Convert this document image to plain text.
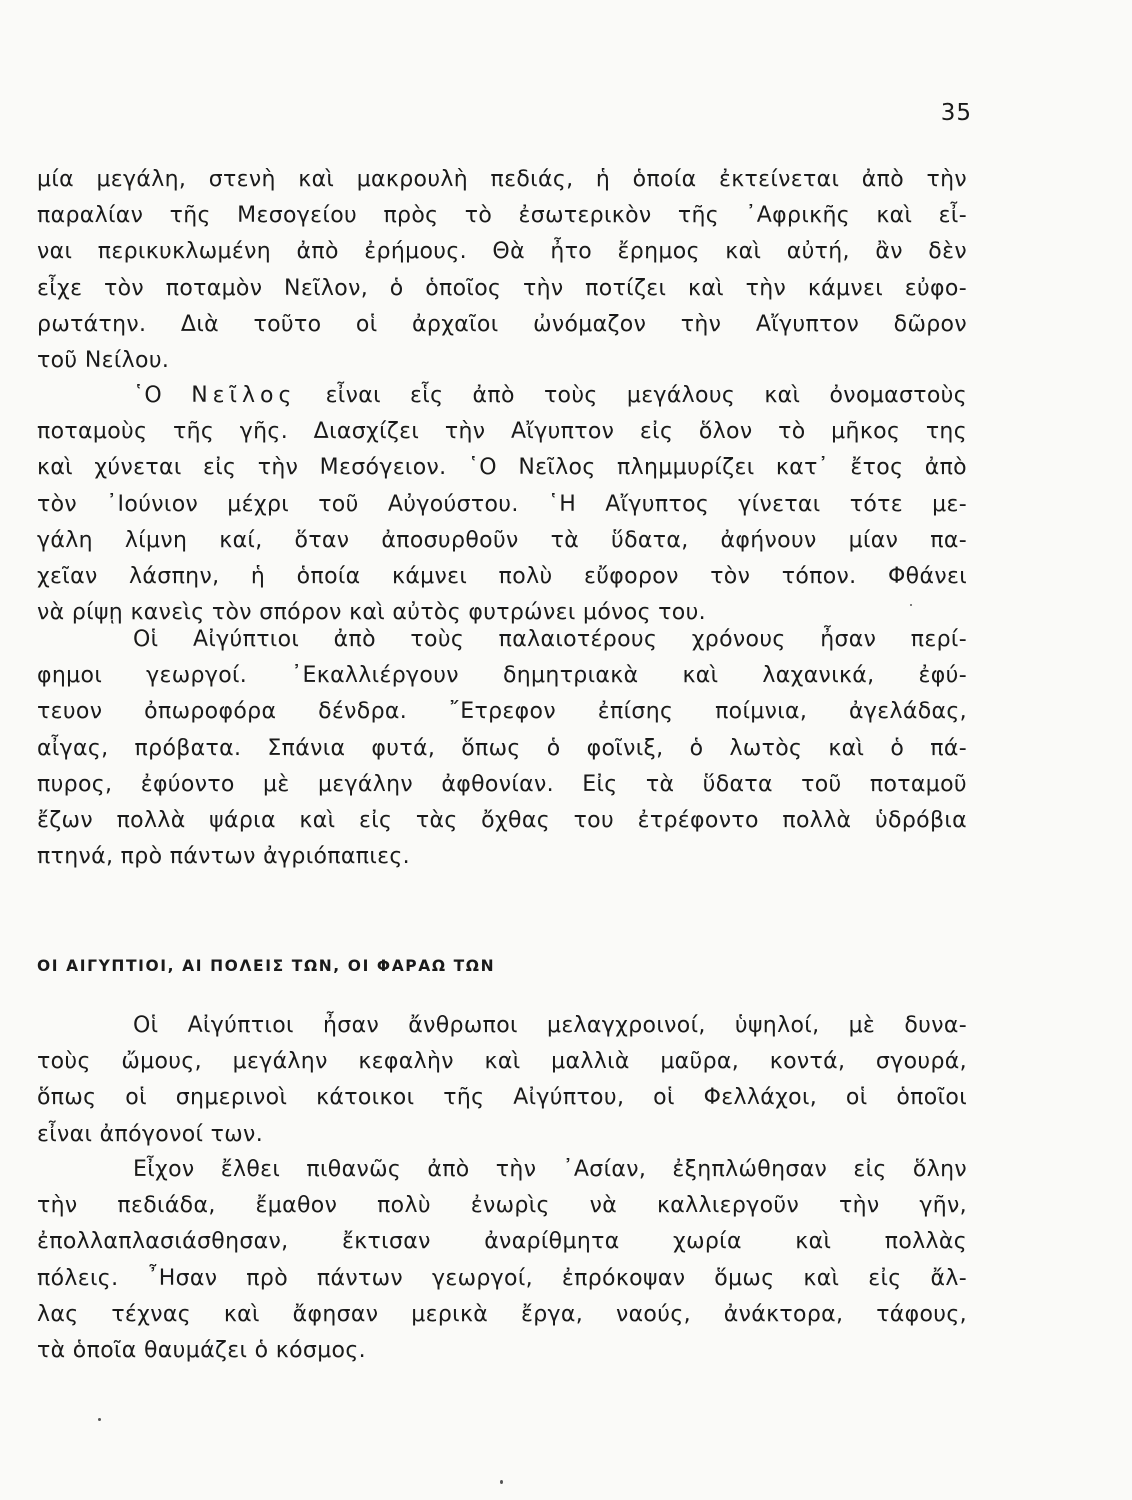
35
μία μεγάλη, στενὴ καὶ μακρουλὴ πεδιάς, ἡ ὁποία ἐκτείνεται ἀπὸ τὴν
παραλίαν τῆς Μεσογείου πρὸς τὸ ἐσωτερικὸν τῆς ᾿Αφρικῆς καὶ εἶ-
ναι περικυκλωμένη ἀπὸ ἐρήμους. Θὰ ἦτο ἔρημος καὶ αὐτή, ἂν δὲν
εἶχε τὸν ποταμὸν Νεῖλον, ὁ ὁποῖος τὴν ποτίζει καὶ τὴν κάμνει εὐφο-
ρωτάτην. Διὰ τοῦτο οἱ ἀρχαῖοι ὠνόμαζον τὴν Αἴγυπτον δῶρον
τοῦ Νείλου.
῾Ο Νεῖλος εἶναι εἷς ἀπὸ τοὺς μεγάλους καὶ ὀνομαστοὺς
ποταμοὺς τῆς γῆς. Διασχίζει τὴν Αἴγυπτον εἰς ὅλον τὸ μῆκος της
καὶ χύνεται εἰς τὴν Μεσόγειον. ῾Ο Νεῖλος πλημμυρίζει κατ᾿ ἔτος ἀπὸ
τὸν ᾿Ιούνιον μέχρι τοῦ Αὐγούστου. ῾Η Αἴγυπτος γίνεται τότε με-
γάλη λίμνη καί, ὅταν ἀποσυρθοῦν τὰ ὕδατα, ἀφήνουν μίαν πα-
χεῖαν λάσπην, ἡ ὁποία κάμνει πολὺ εὔφορον τὸν τόπον. Φθάνει
νὰ ρίψῃ κανεὶς τὸν σπόρον καὶ αὐτὸς φυτρώνει μόνος του.
Οἱ Αἰγύπτιοι ἀπὸ τοὺς παλαιοτέρους χρόνους ἦσαν περί-
φημοι γεωργοί. ᾿Εκαλλιέργουν δημητριακὰ καὶ λαχανικά, ἐφύ-
τευον ὀπωροφόρα δένδρα. ῎Ετρεφον ἐπίσης ποίμνια, ἀγελάδας,
αἶγας, πρόβατα. Σπάνια φυτά, ὅπως ὁ φοῖνιξ, ὁ λωτὸς καὶ ὁ πά-
πυρος, ἐφύοντο μὲ μεγάλην ἀφθονίαν. Εἰς τὰ ὕδατα τοῦ ποταμοῦ
ἔζων πολλὰ ψάρια καὶ εἰς τὰς ὄχθας του ἐτρέφοντο πολλὰ ὑδρόβια
πτηνά, πρὸ πάντων ἀγριόπαπιες.
ΟΙ ΑΙΓΥΠΤΙΟΙ, ΑΙ ΠΟΛΕΙΣ ΤΩΝ, ΟΙ ΦΑΡΑΩ ΤΩΝ
Οἱ Αἰγύπτιοι ἦσαν ἄνθρωποι μελαγχροινοί, ὑψηλοί, μὲ δυνα-
τοὺς ὤμους, μεγάλην κεφαλὴν καὶ μαλλιὰ μαῦρα, κοντά, σγουρά,
ὅπως οἱ σημερινοὶ κάτοικοι τῆς Αἰγύπτου, οἱ Φελλάχοι, οἱ ὁποῖοι
εἶναι ἀπόγονοί των.
Εἶχον ἔλθει πιθανῶς ἀπὸ τὴν ᾿Ασίαν, ἐξηπλώθησαν εἰς ὅλην
τὴν πεδιάδα, ἔμαθον πολὺ ἐνωρὶς νὰ καλλιεργοῦν τὴν γῆν,
ἐπολλαπλασιάσθησαν, ἔκτισαν ἀναρίθμητα χωρία καὶ πολλὰς
πόλεις. ῏Ησαν πρὸ πάντων γεωργοί, ἐπρόκοψαν ὅμως καὶ εἰς ἄλ-
λας τέχνας καὶ ἄφησαν μερικὰ ἔργα, ναούς, ἀνάκτορα, τάφους,
τὰ ὁποῖα θαυμάζει ὁ κόσμος.
